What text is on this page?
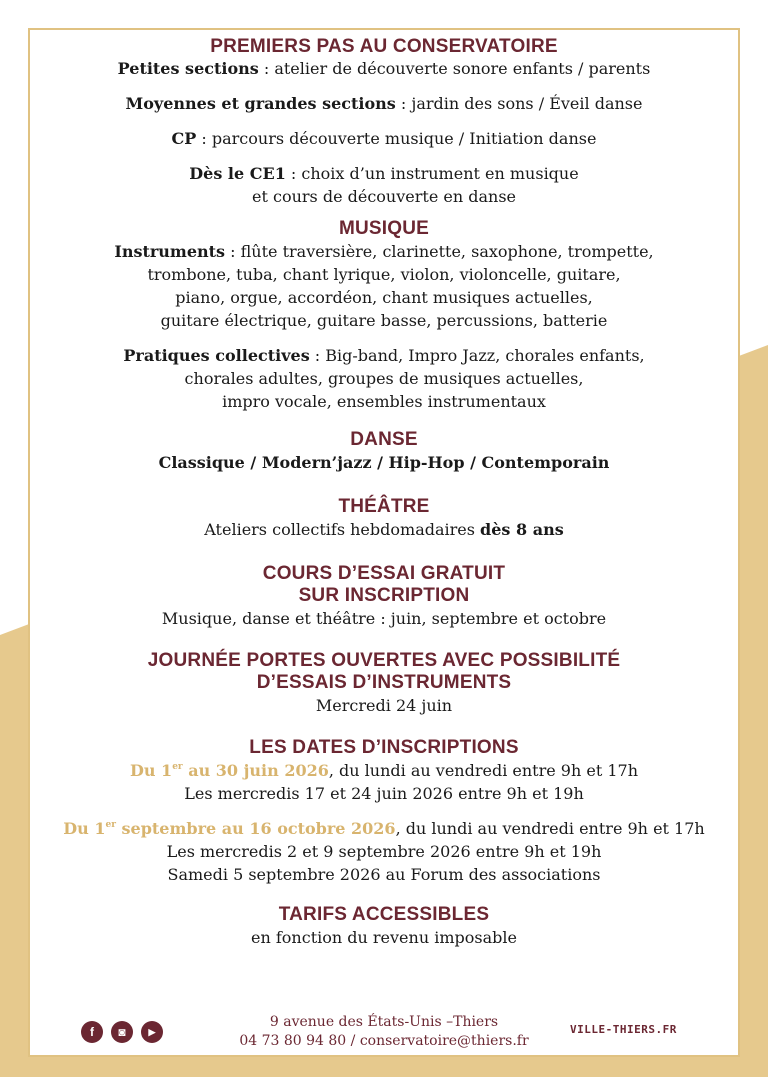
PREMIERS PAS AU CONSERVATOIRE

Petites sections : atelier de découverte sonore enfants / parents

Moyennes et grandes sections : jardin des sons / Éveil danse

CP : parcours découverte musique / Initiation danse

Dès le CE1 : choix d’un instrument en musique
et cours de découverte en danse

MUSIQUE

Instruments : flûte traversière, clarinette, saxophone, trompette,
trombone, tuba, chant lyrique, violon, violoncelle, guitare,
piano, orgue, accordéon, chant musiques actuelles,
guitare électrique, guitare basse, percussions, batterie

Pratiques collectives : Big-band, Impro Jazz, chorales enfants,
chorales adultes, groupes de musiques actuelles,
impro vocale, ensembles instrumentaux

DANSE

Classique / Modern’jazz / Hip-Hop / Contemporain

THÉÂTRE

Ateliers collectifs hebdomadaires dès 8 ans

COURS D’ESSAI GRATUIT
SUR INSCRIPTION

Musique, danse et théâtre : juin, septembre et octobre

JOURNÉE PORTES OUVERTES AVEC POSSIBILITÉ
D’ESSAIS D’INSTRUMENTS

Mercredi 24 juin

LES DATES D’INSCRIPTIONS

Du 1er au 30 juin 2026, du lundi au vendredi entre 9h et 17h
Les mercredis 17 et 24 juin 2026 entre 9h et 19h

Du 1er septembre au 16 octobre 2026, du lundi au vendredi entre 9h et 17h
Les mercredis 2 et 9 septembre 2026 entre 9h et 19h
Samedi 5 septembre 2026 au Forum des associations

TARIFS ACCESSIBLES

en fonction du revenu imposable

f	◙	▶
9 avenue des États-Unis –Thiers
04 73 80 94 80 / conservatoire@thiers.fr
VILLE-THIERS.FR
